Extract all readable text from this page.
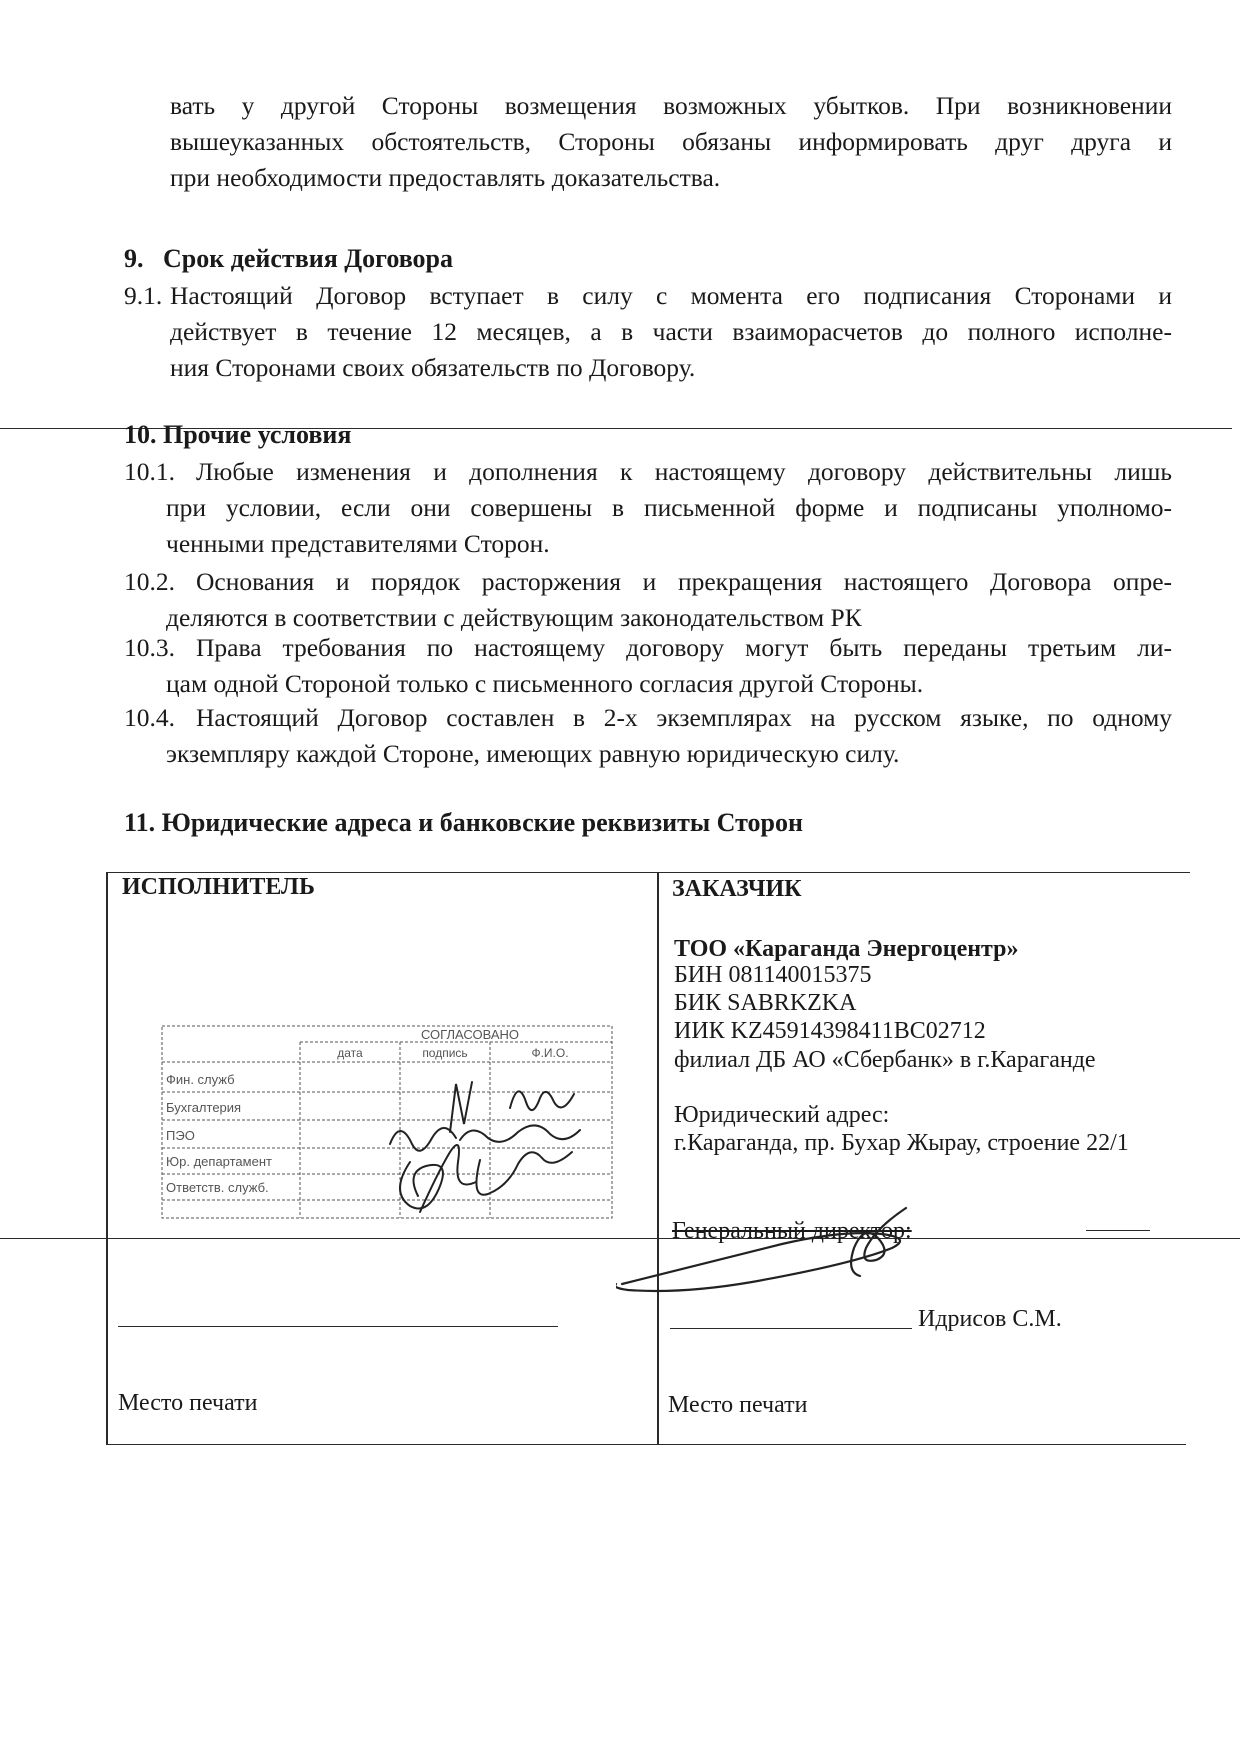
вать у другой Стороны возмещения возможных убытков. При возникновении
вышеуказанных обстоятельств, Стороны обязаны информировать друг друга и
при необходимости предоставлять доказательства.
9.   Срок действия Договора
9.1. Настоящий Договор вступает в силу с момента его подписания Сторонами и
действует в течение 12 месяцев, а в части взаиморасчетов до полного исполне-
ния Сторонами своих обязательств по Договору.
10. Прочие условия
10.1. Любые изменения и дополнения к настоящему договору действительны лишь
при условии, если они совершены в письменной форме и подписаны уполномо-
ченными представителями Сторон.
10.2. Основания и порядок расторжения и прекращения настоящего Договора опре-
деляются в соответствии с действующим законодательством РК
10.3. Права требования по настоящему договору могут быть переданы третьим ли-
цам одной Стороной только с письменного согласия другой Стороны.
10.4. Настоящий Договор составлен в 2-х экземплярах на русском языке, по одному
экземпляру каждой Стороне, имеющих равную юридическую силу.
11. Юридические адреса и банковские реквизиты Сторон
ИСПОЛНИТЕЛЬ
СОГЛАСОВАНО
дата	подпись	Ф.И.О.
Фин. служб
Бухгалтерия
ПЭО
Юр. департамент
Ответств. служб.
Место печати
ЗАКАЗЧИК
ТОО «Караганда Энергоцентр»
БИН 081140015375
БИК SABRKZKA
ИИК KZ45914398411BC02712
филиал ДБ АО «Сбербанк» в г.Караганде
Юридический адрес:
г.Караганда, пр. Бухар Жырау, строение 22/1
Генеральный директор:
Идрисов С.М.
Место печати
